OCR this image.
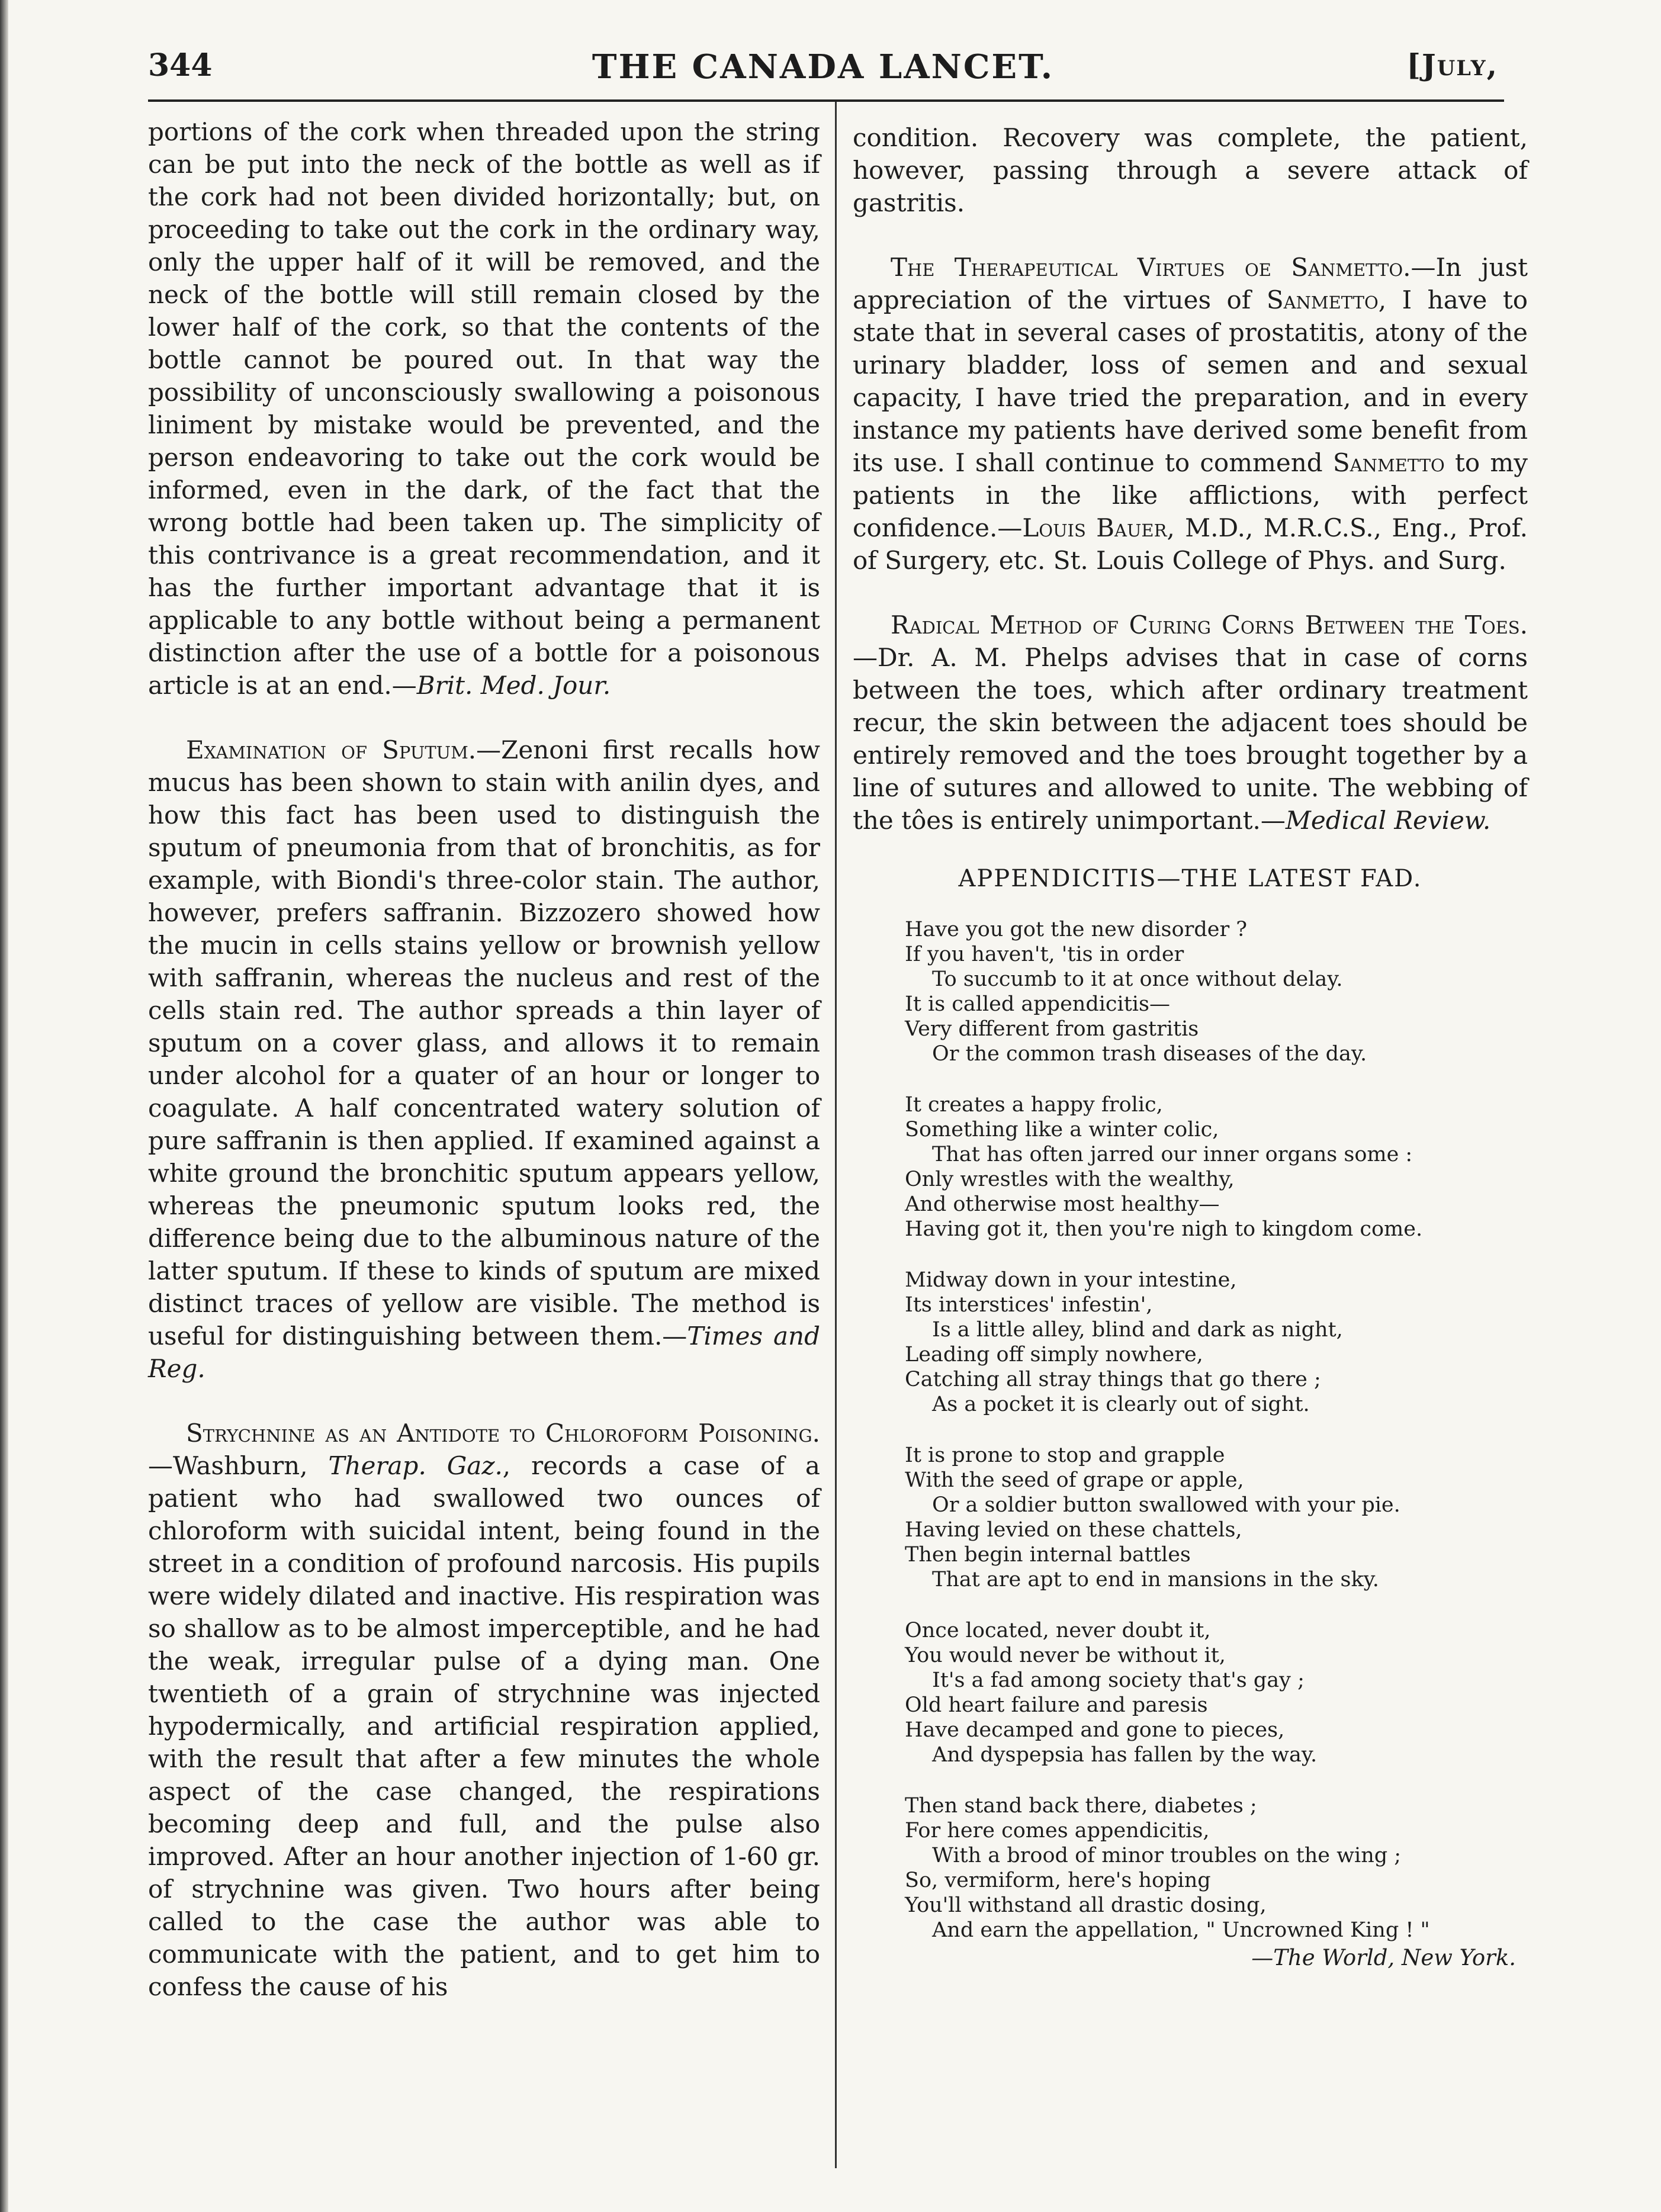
344	THE CANADA LANCET.	[July,

portions of the cork when threaded upon the string can be put into the neck of the bottle as well as if the cork had not been divided horizontally; but, on proceeding to take out the cork in the ordinary way, only the upper half of it will be removed, and the neck of the bottle will still remain closed by the lower half of the cork, so that the contents of the bottle cannot be poured out. In that way the possibility of unconsciously swallowing a poisonous liniment by mistake would be prevented, and the person endeavoring to take out the cork would be informed, even in the dark, of the fact that the wrong bottle had been taken up. The simplicity of this contrivance is a great recommendation, and it has the further important advantage that it is applicable to any bottle without being a permanent distinction after the use of a bottle for a poisonous article is at an end.—Brit. Med. Jour.

Examination of Sputum.—Zenoni first recalls how mucus has been shown to stain with anilin dyes, and how this fact has been used to distinguish the sputum of pneumonia from that of bronchitis, as for example, with Biondi's three-color stain. The author, however, prefers saffranin. Bizzozero showed how the mucin in cells stains yellow or brownish yellow with saffranin, whereas the nucleus and rest of the cells stain red. The author spreads a thin layer of sputum on a cover glass, and allows it to remain under alcohol for a quater of an hour or longer to coagulate. A half concentrated watery solution of pure saffranin is then applied. If examined against a white ground the bronchitic sputum appears yellow, whereas the pneumonic sputum looks red, the difference being due to the albuminous nature of the latter sputum. If these to kinds of sputum are mixed distinct traces of yellow are visible. The method is useful for distinguishing between them.—Times and Reg.

Strychnine as an Antidote to Chloroform Poisoning.—Washburn, Therap. Gaz., records a case of a patient who had swallowed two ounces of chloroform with suicidal intent, being found in the street in a condition of profound narcosis. His pupils were widely dilated and inactive. His respiration was so shallow as to be almost imperceptible, and he had the weak, irregular pulse of a dying man. One twentieth of a grain of strychnine was injected hypodermically, and artificial respiration applied, with the result that after a few minutes the whole aspect of the case changed, the respirations becoming deep and full, and the pulse also improved. After an hour another injection of 1-60 gr. of strychnine was given. Two hours after being called to the case the author was able to communicate with the patient, and to get him to confess the cause of his

condition. Recovery was complete, the patient, however, passing through a severe attack of gastritis.

The Therapeutical Virtues oe Sanmetto.—In just appreciation of the virtues of Sanmetto, I have to state that in several cases of prostatitis, atony of the urinary bladder, loss of semen and and sexual capacity, I have tried the preparation, and in every instance my patients have derived some benefit from its use. I shall continue to commend Sanmetto to my patients in the like afflictions, with perfect confidence.—Louis Bauer, M.D., M.R.C.S., Eng., Prof. of Surgery, etc. St. Louis College of Phys. and Surg.

Radical Method of Curing Corns Between the Toes.—Dr. A. M. Phelps advises that in case of corns between the toes, which after ordinary treatment recur, the skin between the adjacent toes should be entirely removed and the toes brought together by a line of sutures and allowed to unite. The webbing of the tôes is entirely unimportant.—Medical Review.

APPENDICITIS—THE LATEST FAD.
Have you got the new disorder ?
If you haven't, 'tis in order
To succumb to it at once without delay.
It is called appendicitis—
Very different from gastritis
Or the common trash diseases of the day.
It creates a happy frolic,
Something like a winter colic,
That has often jarred our inner organs some :
Only wrestles with the wealthy,
And otherwise most healthy—
Having got it, then you're nigh to kingdom come.
Midway down in your intestine,
Its interstices' infestin',
Is a little alley, blind and dark as night,
Leading off simply nowhere,
Catching all stray things that go there ;
As a pocket it is clearly out of sight.
It is prone to stop and grapple
With the seed of grape or apple,
Or a soldier button swallowed with your pie.
Having levied on these chattels,
Then begin internal battles
That are apt to end in mansions in the sky.
Once located, never doubt it,
You would never be without it,
It's a fad among society that's gay ;
Old heart failure and paresis
Have decamped and gone to pieces,
And dyspepsia has fallen by the way.
Then stand back there, diabetes ;
For here comes appendicitis,
With a brood of minor troubles on the wing ;
So, vermiform, here's hoping
You'll withstand all drastic dosing,
And earn the appellation, " Uncrowned King ! "
—The World, New York.
